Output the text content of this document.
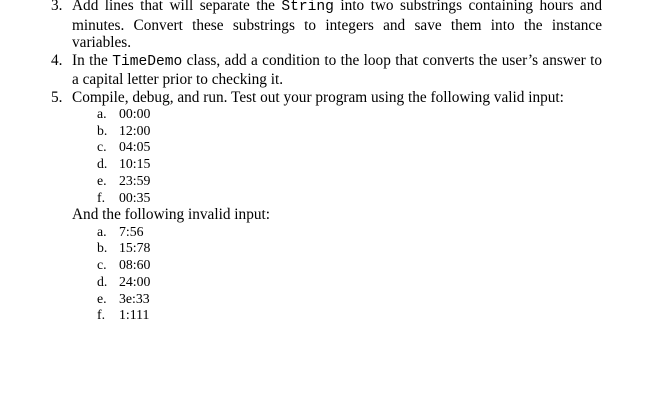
3. Add lines that will separate the String into two substrings containing hours and minutes. Convert these substrings to integers and save them into the instance variables.

4. In the TimeDemo class, add a condition to the loop that converts the user’s answer to a capital letter prior to checking it.

5. Compile, debug, and run. Test out your program using the following valid input:

a. 00:00
b. 12:00
c. 04:05
d. 10:15
e. 23:59
f. 00:35
And the following invalid input:
a. 7:56
b. 15:78
c. 08:60
d. 24:00
e. 3e:33
f. 1:111
